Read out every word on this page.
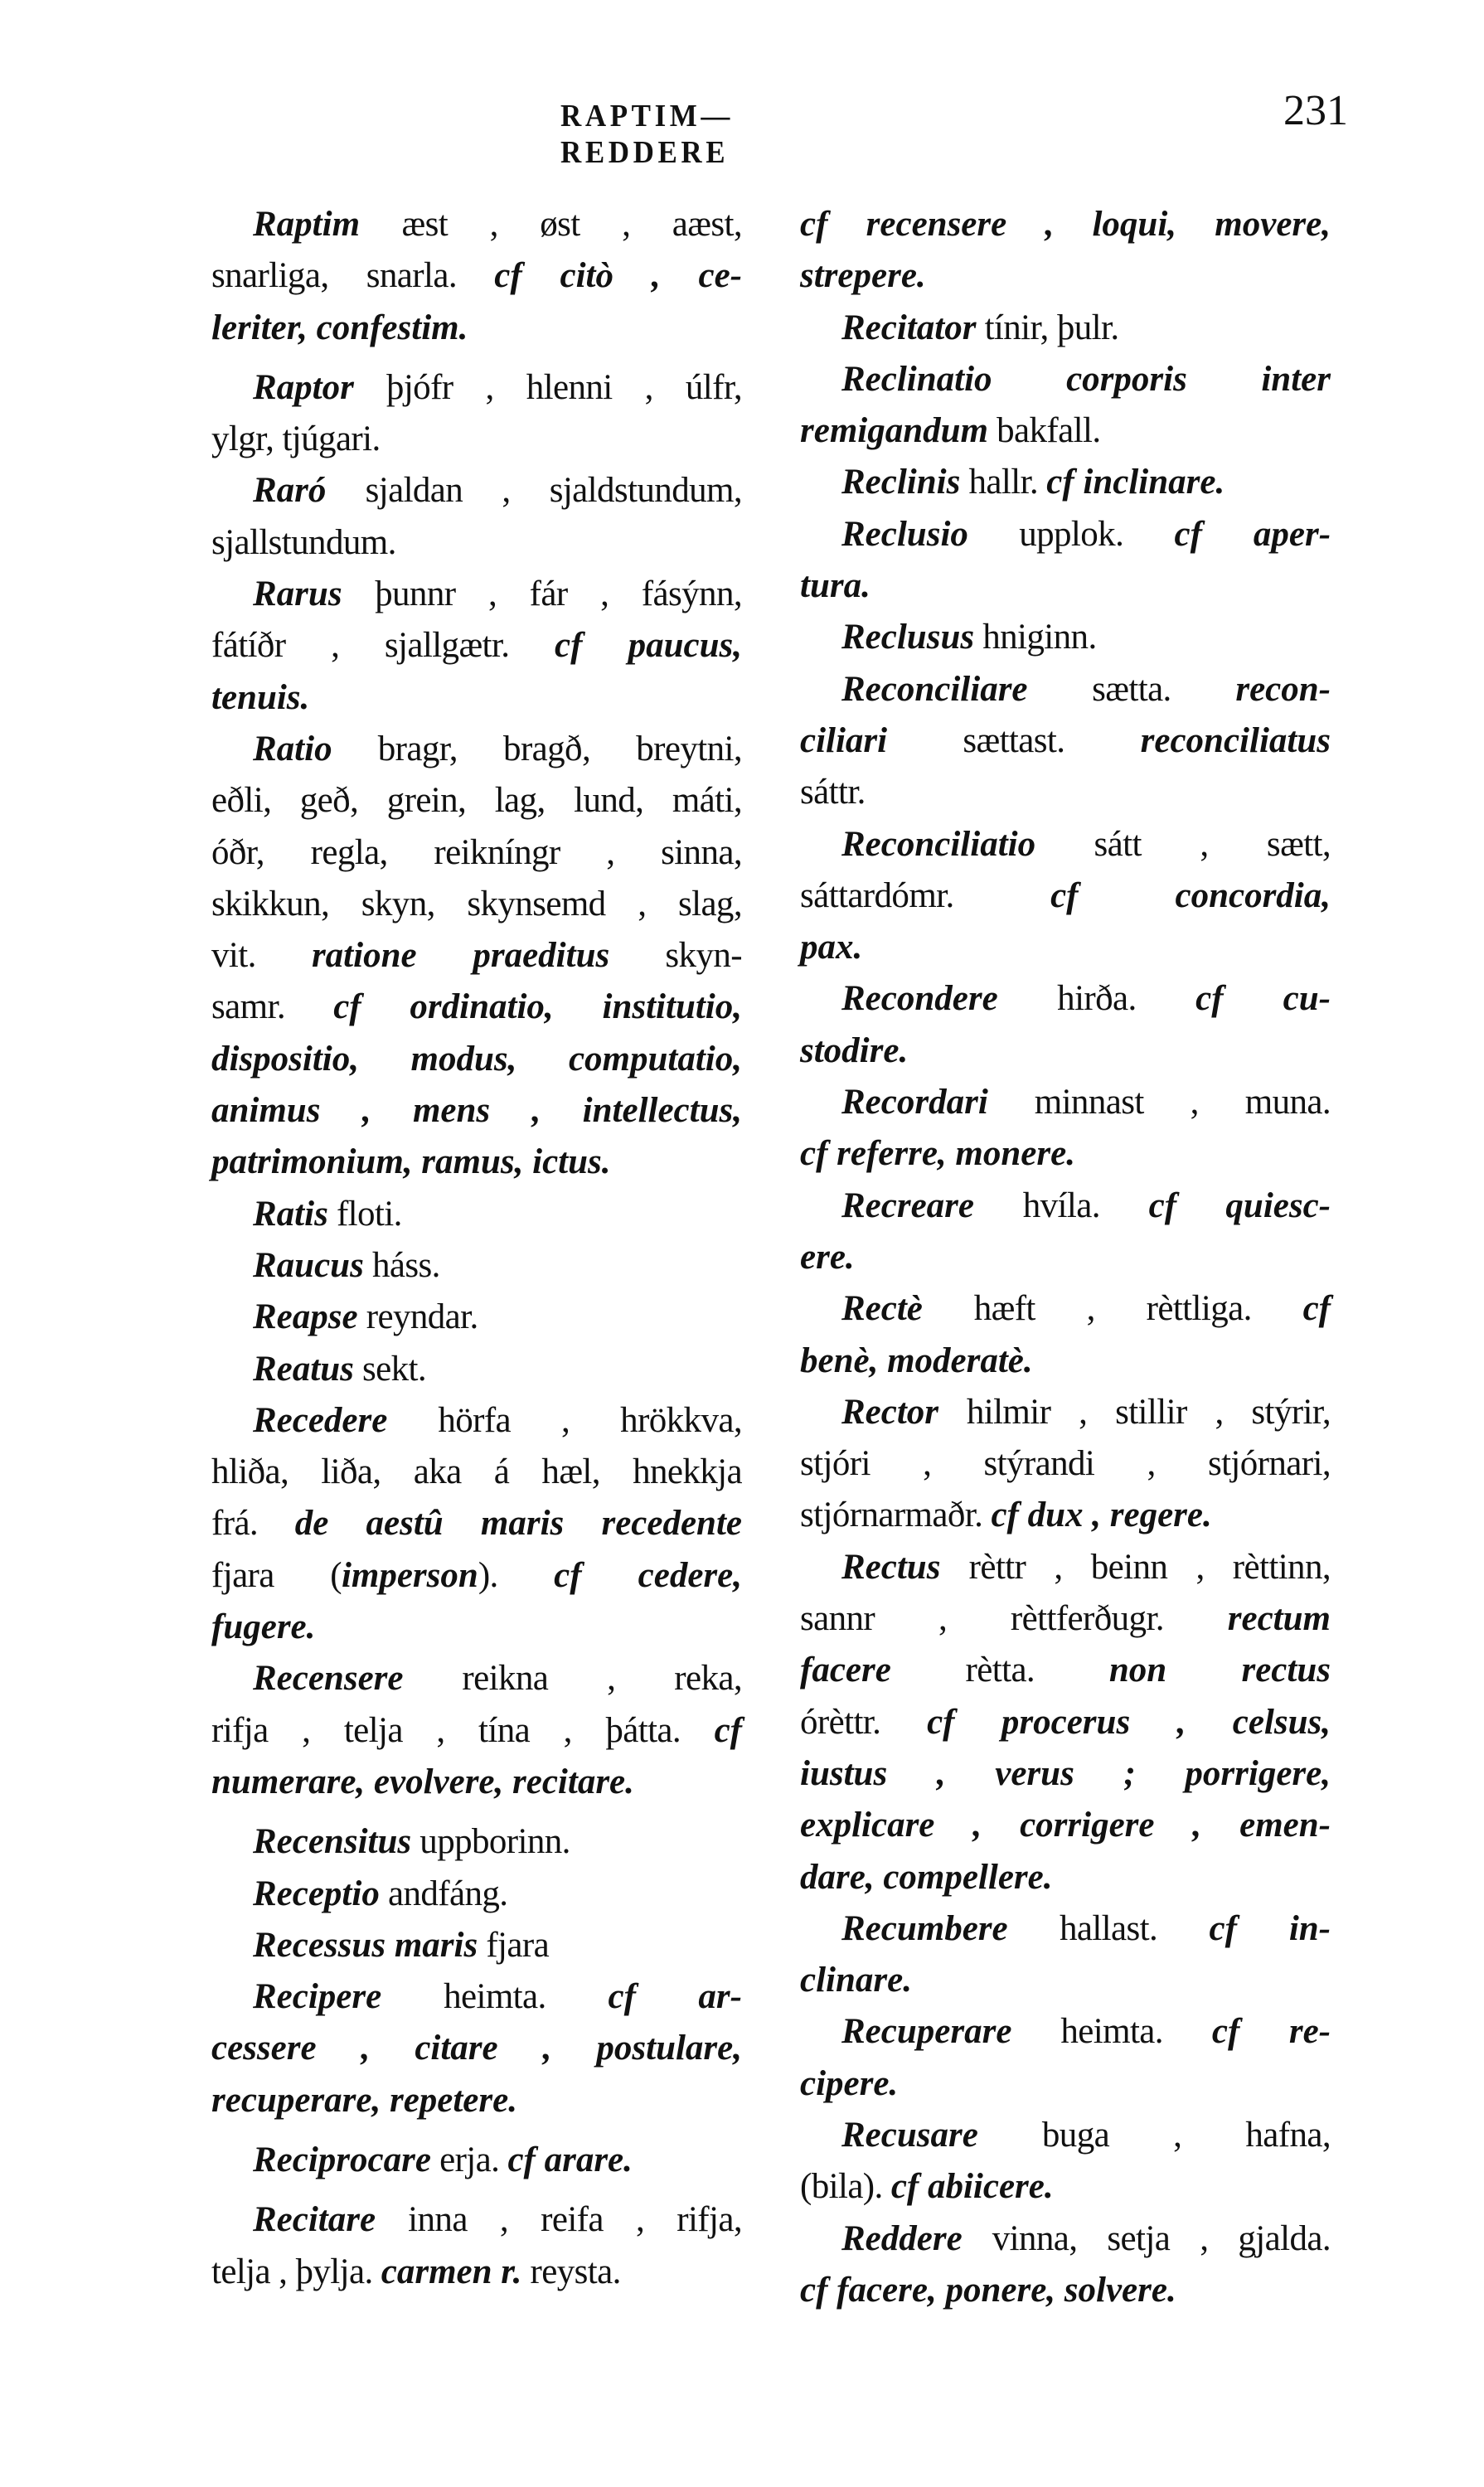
RAPTIM—REDDERE
231
Raptim æst , øst , aæst,
snarliga, snarla. cf citò , ce-
leriter, confestim.
Raptor þjófr , hlenni , úlfr,
ylgr, tjúgari.
Raró sjaldan , sjaldstundum,
sjallstundum.
Rarus þunnr , fár , fásýnn,
fátíðr , sjallgætr. cf paucus,
tenuis.
Ratio bragr, bragð, breytni,
eðli, geð, grein, lag, lund, máti,
óðr, regla, reikníngr , sinna,
skikkun, skyn, skynsemd , slag,
vit. ratione praeditus skyn-
samr. cf ordinatio, institutio,
dispositio, modus, computatio,
animus , mens , intellectus,
patrimonium, ramus, ictus.
Ratis floti.
Raucus háss.
Reapse reyndar.
Reatus sekt.
Recedere hörfa , hrökkva,
hliða, liða, aka á hæl, hnekkja
frá. de aestû maris recedente
fjara (imperson). cf cedere,
fugere.
Recensere reikna , reka,
rifja , telja , tína , þátta. cf
numerare, evolvere, recitare.
Recensitus uppborinn.
Receptio andfáng.
Recessus maris fjara
Recipere heimta. cf ar-
cessere , citare , postulare,
recuperare, repetere.
Reciprocare erja. cf arare.
Recitare inna , reifa , rifja,
telja , þylja. carmen r. reysta.
cf recensere , loqui, movere,
strepere.
Recitator tínir, þulr.
Reclinatio corporis inter
remigandum bakfall.
Reclinis hallr. cf inclinare.
Reclusio upplok. cf aper-
tura.
Reclusus hniginn.
Reconciliare sætta. recon-
ciliari sættast. reconciliatus
sáttr.
Reconciliatio sátt , sætt,
sáttardómr. cf concordia,
pax.
Recondere hirða. cf cu-
stodire.
Recordari minnast , muna.
cf referre, monere.
Recreare hvíla. cf quiesc-
ere.
Rectè hæft , rèttliga. cf
benè, moderatè.
Rector hilmir , stillir , stýrir,
stjóri , stýrandi , stjórnari,
stjórnarmaðr. cf dux , regere.
Rectus rèttr , beinn , rèttinn,
sannr , rèttferðugr. rectum
facere rètta. non rectus
órèttr. cf procerus , celsus,
iustus , verus ; porrigere,
explicare , corrigere , emen-
dare, compellere.
Recumbere hallast. cf in-
clinare.
Recuperare heimta. cf re-
cipere.
Recusare buga , hafna,
(bila). cf abiicere.
Reddere vinna, setja , gjalda.
cf facere, ponere, solvere.
